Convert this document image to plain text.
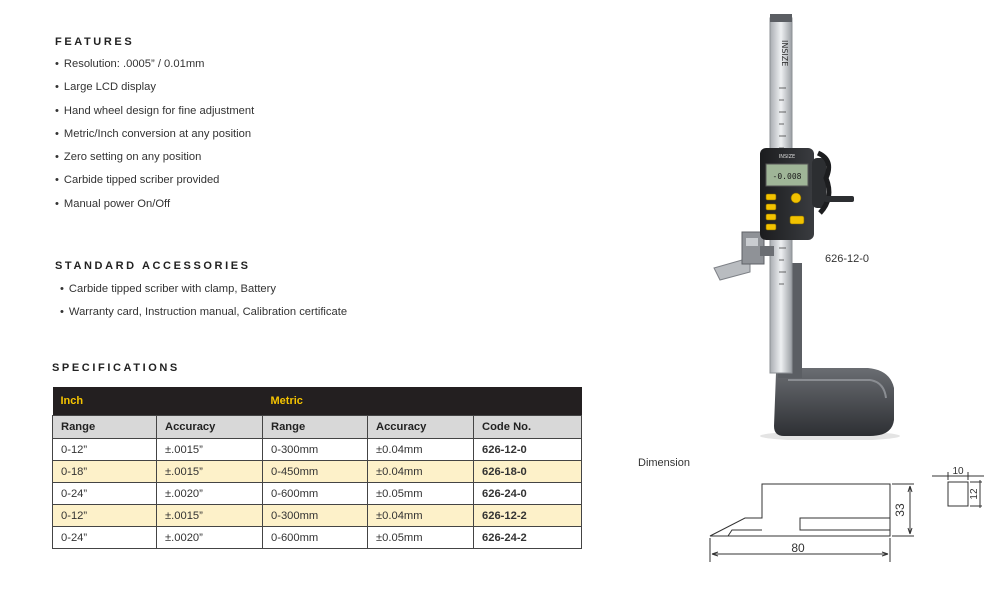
FEATURES
• Resolution: .0005” / 0.01mm
• Large LCD display
• Hand wheel design for fine adjustment
• Metric/Inch conversion at any position
• Zero setting on any position
• Carbide tipped scriber provided
• Manual power On/Off
STANDARD ACCESSORIES
• Carbide tipped scriber with clamp, Battery
• Warranty card, Instruction manual, Calibration certificate
SPECIFICATIONS
Inch		Metric		
Range	Accuracy	Range	Accuracy	Code No.
0-12”	±.0015”	0-300mm	±0.04mm	626-12-0
0-18”	±.0015”	0-450mm	±0.04mm	626-18-0
0-24”	±.0020”	0-600mm	±0.05mm	626-24-0
0-12”	±.0015”	0-300mm	±0.04mm	626-12-2
0-24”	±.0020”	0-600mm	±0.05mm	626-24-2
INSIZE
-0.008
INSIZE
626-12-0
Dimension
80
33
10
12
